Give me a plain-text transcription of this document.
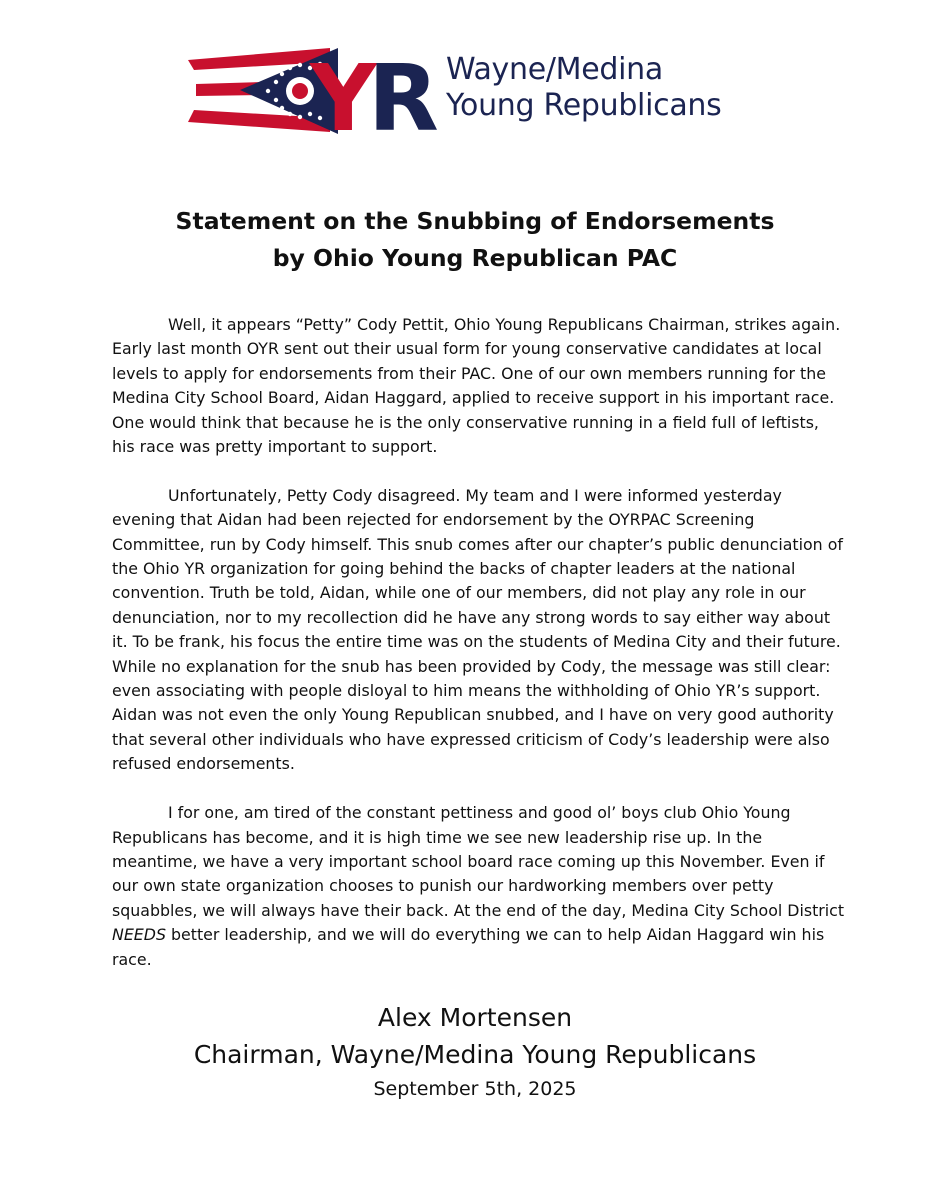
Y
R Wayne/Medina
Young Republicans
Statement on the Snubbing of Endorsements
by Ohio Young Republican PAC

Well, it appears “Petty” Cody Pettit, Ohio Young Republicans Chairman, strikes again. Early last month OYR sent out their usual form for young conservative candidates at local levels to apply for endorsements from their PAC. One of our own members running for the Medina City School Board, Aidan Haggard, applied to receive support in his important race. One would think that because he is the only conservative running in a field full of leftists, his race was pretty important to support.

Unfortunately, Petty Cody disagreed. My team and I were informed yesterday evening that Aidan had been rejected for endorsement by the OYRPAC Screening Committee, run by Cody himself. This snub comes after our chapter’s public denunciation of the Ohio YR organization for going behind the backs of chapter leaders at the national convention. Truth be told, Aidan, while one of our members, did not play any role in our denunciation, nor to my recollection did he have any strong words to say either way about it. To be frank, his focus the entire time was on the students of Medina City and their future. While no explanation for the snub has been provided by Cody, the message was still clear: even associating with people disloyal to him means the withholding of Ohio YR’s support. Aidan was not even the only Young Republican snubbed, and I have on very good authority that several other individuals who have expressed criticism of Cody’s leadership were also refused endorsements.

I for one, am tired of the constant pettiness and good ol’ boys club Ohio Young Republicans has become, and it is high time we see new leadership rise up. In the meantime, we have a very important school board race coming up this November. Even if our own state organization chooses to punish our hardworking members over petty squabbles, we will always have their back. At the end of the day, Medina City School District NEEDS better leadership, and we will do everything we can to help Aidan Haggard win his race.

Alex Mortensen
Chairman, Wayne/Medina Young Republicans
September 5th, 2025
